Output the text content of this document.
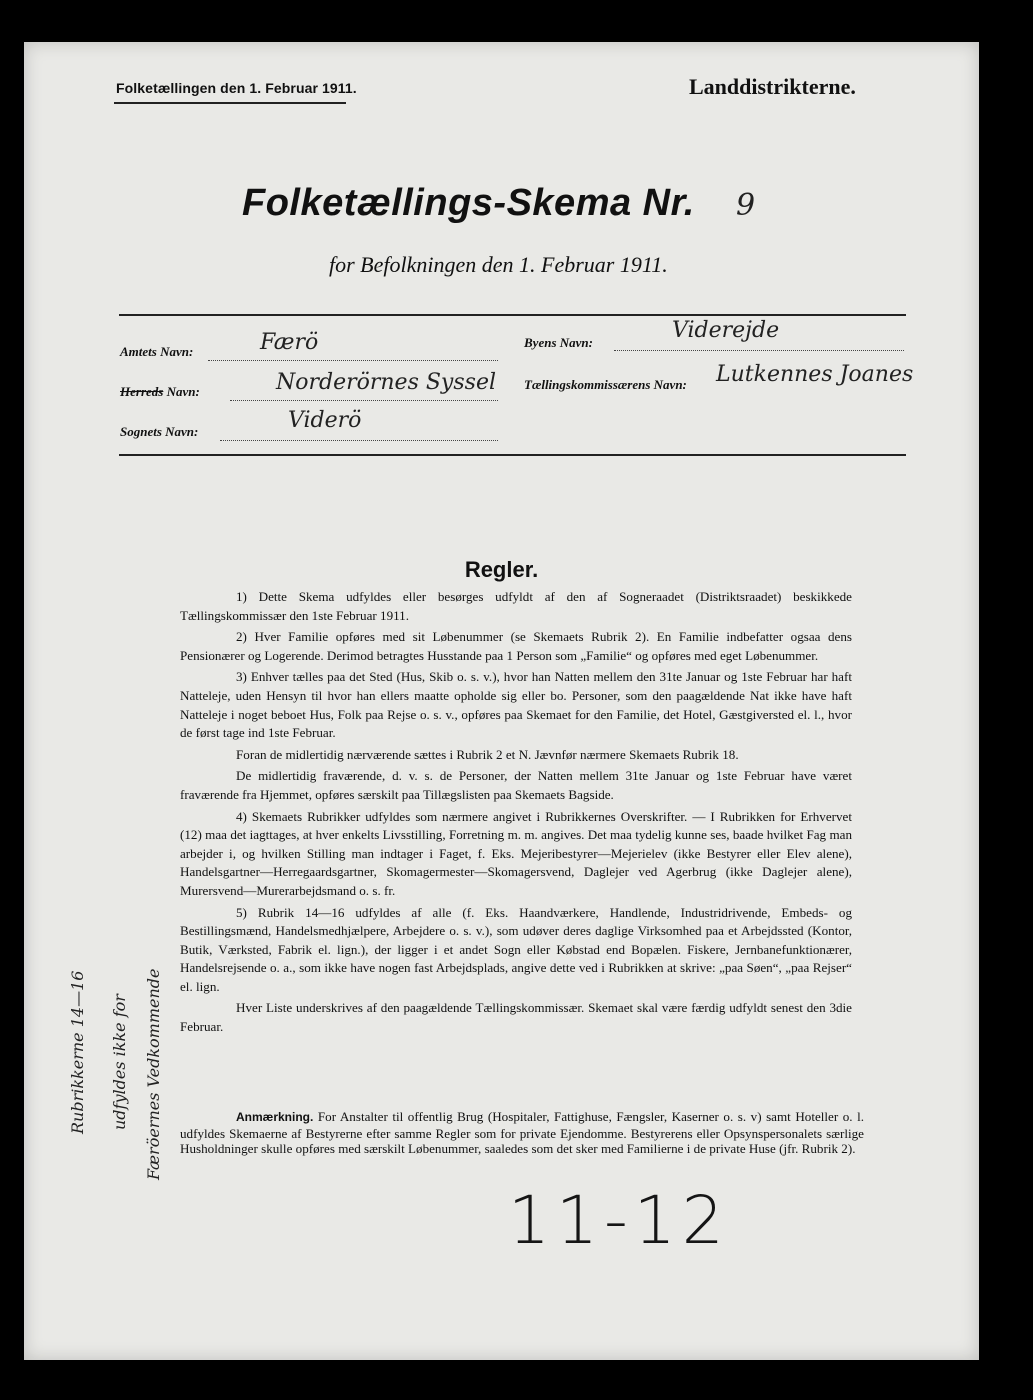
Folketællingen den 1. Februar 1911.	Landdistrikterne.
Folketællings-Skema Nr. 9
for Befolkningen den 1. Februar 1911.
Amtets Navn:	Færö
Herreds Navn:	Norderörnes Syssel
Sognets Navn:	Viderö
Byens Navn:	Viderejde
Tællingskommissærens Navn: Lutkennes Joanes
Regler.

1) Dette Skema udfyldes eller besørges udfyldt af den af Sogneraadet (Distriktsraadet) beskikkede Tællingskommissær den 1ste Februar 1911.

2) Hver Familie opføres med sit Løbenummer (se Skemaets Rubrik 2). En Familie indbefatter ogsaa dens Pensionærer og Logerende. Derimod betragtes Husstande paa 1 Person som „Familie“ og opføres med eget Løbenummer.

3) Enhver tælles paa det Sted (Hus, Skib o. s. v.), hvor han Natten mellem den 31te Januar og 1ste Februar har haft Natteleje, uden Hensyn til hvor han ellers maatte opholde sig eller bo. Personer, som den paagældende Nat ikke have haft Natteleje i noget beboet Hus, Folk paa Rejse o. s. v., opføres paa Skemaet for den Familie, det Hotel, Gæstgiversted el. l., hvor de først tage ind 1ste Februar.

Foran de midlertidig nærværende sættes i Rubrik 2 et N. Jævnfør nærmere Skemaets Rubrik 18.

De midlertidig fraværende, d. v. s. de Personer, der Natten mellem 31te Januar og 1ste Februar have været fraværende fra Hjemmet, opføres særskilt paa Tillægslisten paa Skemaets Bagside.

4) Skemaets Rubrikker udfyldes som nærmere angivet i Rubrikkernes Overskrifter. — I Rubrikken for Erhvervet (12) maa det iagttages, at hver enkelts Livsstilling, Forretning m. m. angives. Det maa tydelig kunne ses, baade hvilket Fag man arbejder i, og hvilken Stilling man indtager i Faget, f. Eks. Mejeribestyrer—Mejerielev (ikke Bestyrer eller Elev alene), Handelsgartner—Herregaardsgartner, Skomagermester—Skomagersvend, Daglejer ved Agerbrug (ikke Daglejer alene), Murersvend—Murerarbejdsmand o. s. fr.

5) Rubrik 14—16 udfyldes af alle (f. Eks. Haandværkere, Handlende, Industridrivende, Embeds- og Bestillingsmænd, Handelsmedhjælpere, Arbejdere o. s. v.), som udøver deres daglige Virksomhed paa et Arbejdssted (Kontor, Butik, Værksted, Fabrik el. lign.), der ligger i et andet Sogn eller Købstad end Bopælen. Fiskere, Jernbanefunktionærer, Handelsrejsende o. a., som ikke have nogen fast Arbejdsplads, angive dette ved i Rubrikken at skrive: „paa Søen“, „paa Rejser“ el. lign.

Hver Liste underskrives af den paagældende Tællingskommissær. Skemaet skal være færdig udfyldt senest den 3die Februar.

Anmærkning. For Anstalter til offentlig Brug (Hospitaler, Fattighuse, Fængsler, Kaserner o. s. v) samt Hoteller o. l. udfyldes Skemaerne af Bestyrerne efter samme Regler som for private Ejendomme. Bestyrerens eller Opsynspersonalets særlige Husholdninger skulle opføres med særskilt Løbenummer, saaledes som det sker med Familierne i de private Huse (jfr. Rubrik 2).
Rubrikkerne 14—16 udfyldes ikke for Færöernes Vedkommende
11-12
